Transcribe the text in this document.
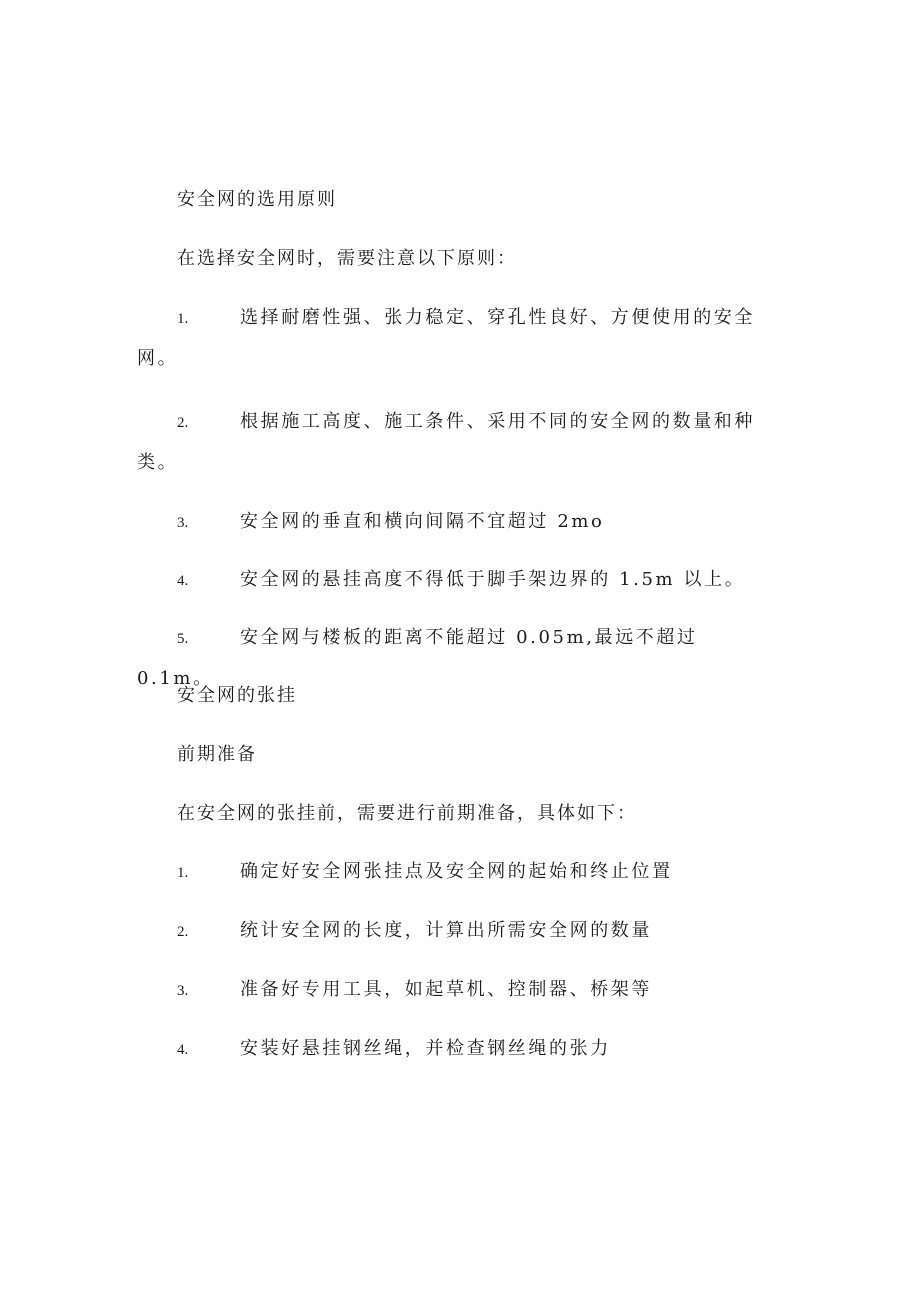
安全网的选用原则
在选择安全网时，需要注意以下原则：
1.	选择耐磨性强、张力稳定、穿孔性良好、方便使用的安全网。
2.	根据施工高度、施工条件、采用不同的安全网的数量和种类。
3.	安全网的垂直和横向间隔不宜超过 2mo
4.	安全网的悬挂高度不得低于脚手架边界的 1.5m 以上。
5.	安全网与楼板的距离不能超过 0.05m,最远不超过 0.1m。
安全网的张挂
前期准备
在安全网的张挂前，需要进行前期准备，具体如下：
1.	确定好安全网张挂点及安全网的起始和终止位置
2.	统计安全网的长度，计算出所需安全网的数量
3.	准备好专用工具，如起草机、控制器、桥架等
4.	安装好悬挂钢丝绳，并检查钢丝绳的张力
